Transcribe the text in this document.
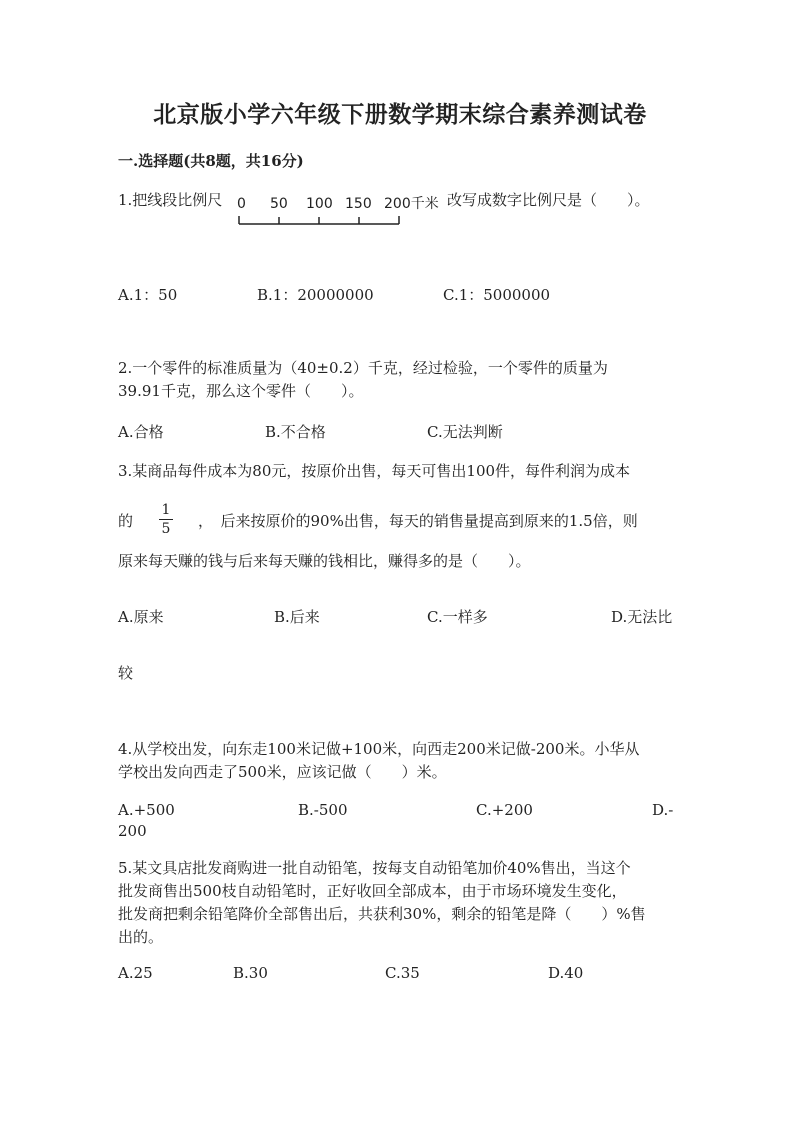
北京版小学六年级下册数学期末综合素养测试卷
一.选择题(共8题，共16分)
1.把线段比例尺 0 50 100 150 200千米 改写成数字比例尺是（　　）。
A.1：50	B.1：20000000	C.1：5000000
2.一个零件的标准质量为（40±0.2）千克，经过检验，一个零件的质量为
39.91千克，那么这个零件（　　）。
A.合格	B.不合格	C.无法判断
3.某商品每件成本为80元，按原价出售，每天可售出100件，每件利润为成本
的 $\frac{1}{5}$ ，　后来按原价的90%出售，每天的销售量提高到原来的1.5倍，则
原来每天赚的钱与后来每天赚的钱相比，赚得多的是（　　）。
A.原来	B.后来	C.一样多	D.无法比
较
4.从学校出发，向东走100米记做+100米，向西走200米记做-200米。小华从
学校出发向西走了500米，应该记做（　　）米。
A.+500	B.-500	C.+200	D.-
200
5.某文具店批发商购进一批自动铅笔，按每支自动铅笔加价40%售出，当这个
批发商售出500枝自动铅笔时，正好收回全部成本，由于市场环境发生变化，
批发商把剩余铅笔降价全部售出后，共获利30%，剩余的铅笔是降（　　）%售
出的。
A.25	B.30	C.35	D.40
